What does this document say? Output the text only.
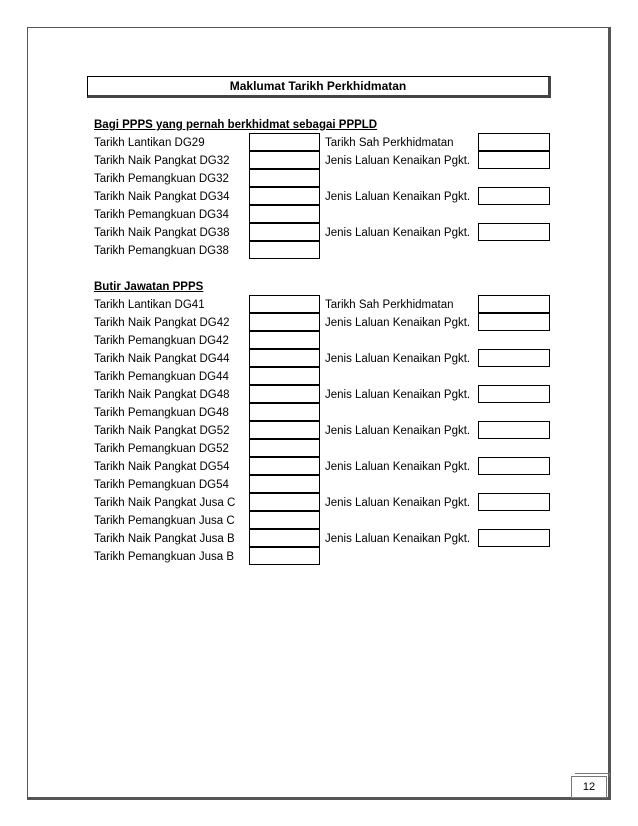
Maklumat Tarikh Perkhidmatan
Bagi PPPS yang pernah berkhidmat sebagai PPPLD
Tarikh Lantikan DG29	Tarikh Sah Perkhidmatan
Tarikh Naik Pangkat DG32	Jenis Laluan Kenaikan Pgkt.
Tarikh Pemangkuan DG32
Tarikh Naik Pangkat DG34	Jenis Laluan Kenaikan Pgkt.
Tarikh Pemangkuan DG34
Tarikh Naik Pangkat DG38	Jenis Laluan Kenaikan Pgkt.
Tarikh Pemangkuan DG38
Butir Jawatan PPPS
Tarikh Lantikan DG41	Tarikh Sah Perkhidmatan
Tarikh Naik Pangkat DG42	Jenis Laluan Kenaikan Pgkt.
Tarikh Pemangkuan DG42
Tarikh Naik Pangkat DG44	Jenis Laluan Kenaikan Pgkt.
Tarikh Pemangkuan DG44
Tarikh Naik Pangkat DG48	Jenis Laluan Kenaikan Pgkt.
Tarikh Pemangkuan DG48
Tarikh Naik Pangkat DG52	Jenis Laluan Kenaikan Pgkt.
Tarikh Pemangkuan DG52
Tarikh Naik Pangkat DG54	Jenis Laluan Kenaikan Pgkt.
Tarikh Pemangkuan DG54
Tarikh Naik Pangkat Jusa C	Jenis Laluan Kenaikan Pgkt.
Tarikh Pemangkuan Jusa C
Tarikh Naik Pangkat Jusa B	Jenis Laluan Kenaikan Pgkt.
Tarikh Pemangkuan Jusa B
12
